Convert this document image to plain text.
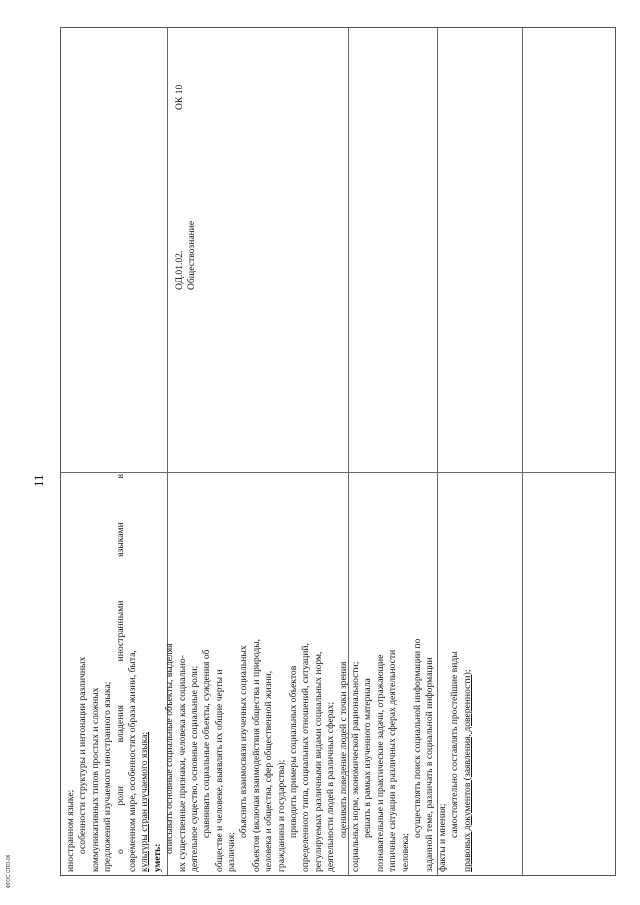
11
иностранном языке; особенности структуры и интонации различных коммуникативных типов простых и сложных предложений изучаемого иностранного языка; о роли владения иностранными языками в современном мире, особенностях образа жизни, быта, культуры стран изучаемого языка; уметь:
описывать основные социальные объекты, выделяя их существенные признаки, человека как социально- деятельное существо, основные социальные роли; сравнивать социальные объекты, суждения об обществе и человеке, выявлять их общие черты и различия;
объяснять взаимосвязи изученных социальных объектов (включая взаимодействия общества и природы, человека и общества, сфер общественной жизни, гражданина и государства); приводить примеры социальных объектов определенного типа, социальных отношений, ситуаций, регулируемых различными видами социальных норм, деятельности людей в различных сферах; оценивать поведение людей с точки зрения социальных норм, экономической рациональности; решать в рамках изученного материала познавательные и практические задачи, отражающие типичные ситуации в различных сферах деятельности человека;
осуществлять поиск социальной информации по заданной теме, различать в социальной информации факты и мнения; самостоятельно составлять простейшие виды правовых документов (заявления, доверенности);
ОД.01.02. Обществознание
ОК 10
ФГОС СПО-06
